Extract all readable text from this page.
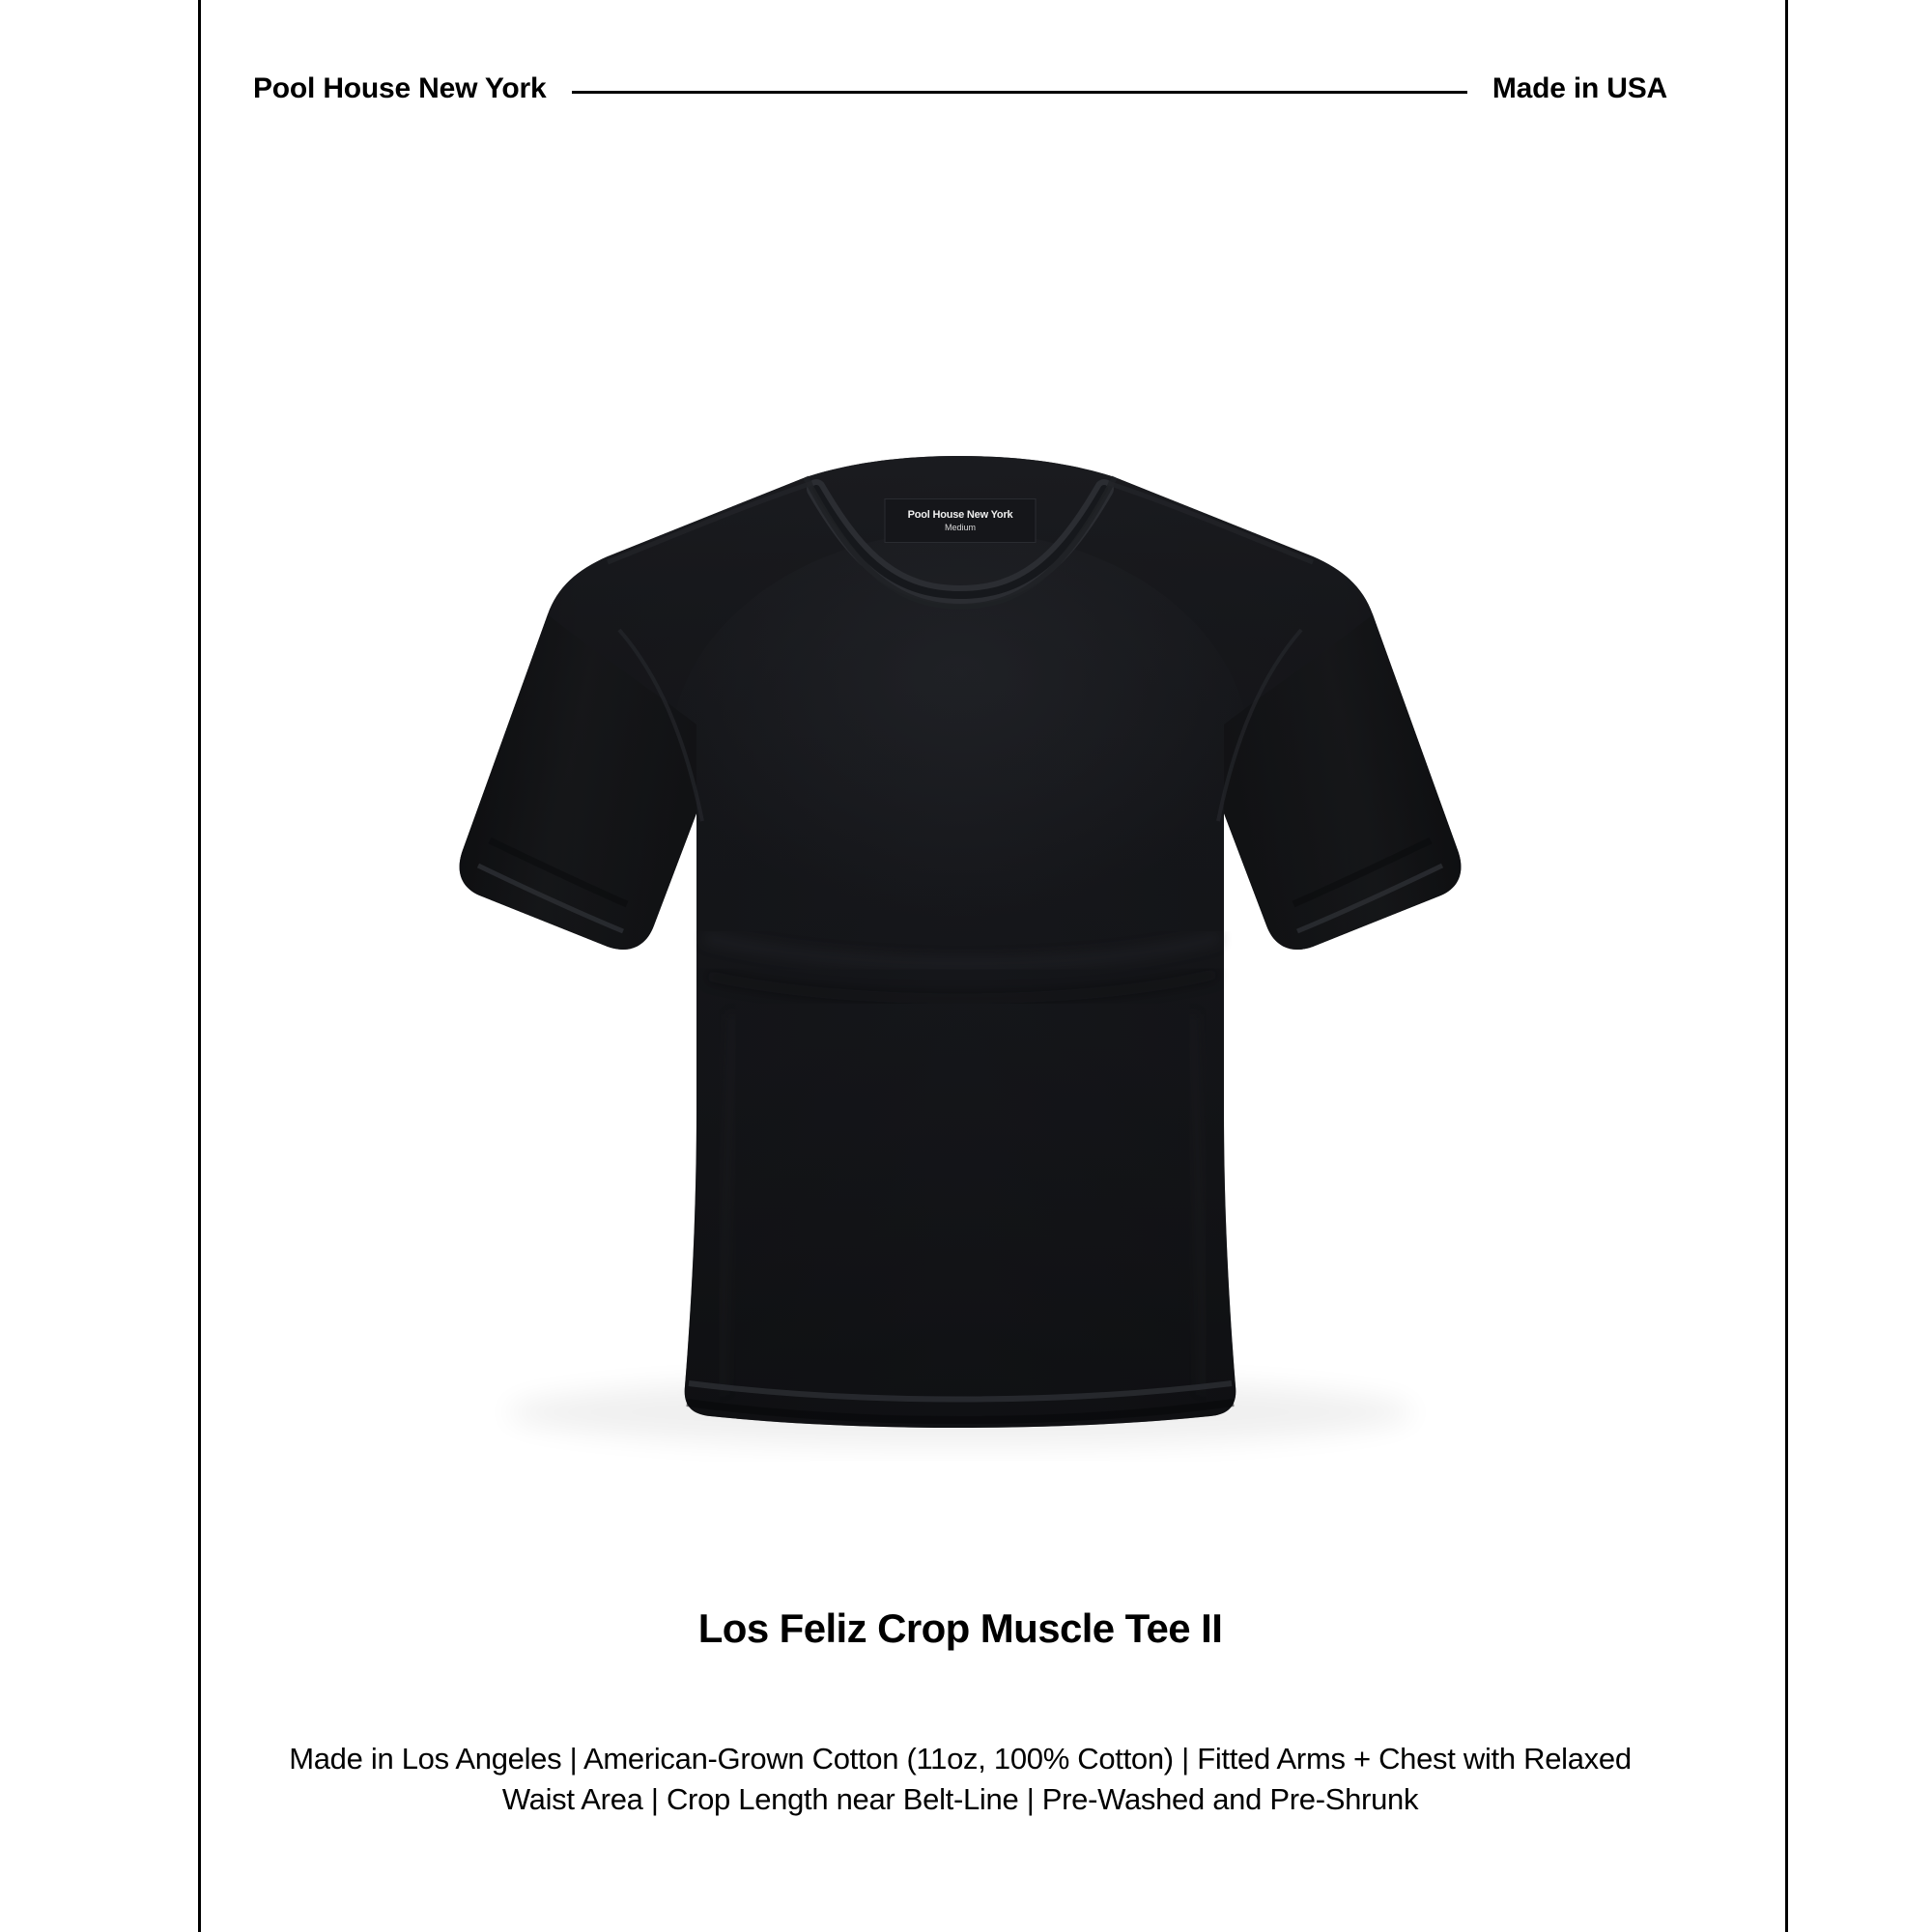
Pool House New York	Made in USA
Pool House New York
Medium
Los Feliz Crop Muscle Tee II
Made in Los Angeles | American-Grown Cotton (11oz, 100% Cotton) | Fitted Arms + Chest with Relaxed Waist Area | Crop Length near Belt-Line | Pre-Washed and Pre-Shrunk
